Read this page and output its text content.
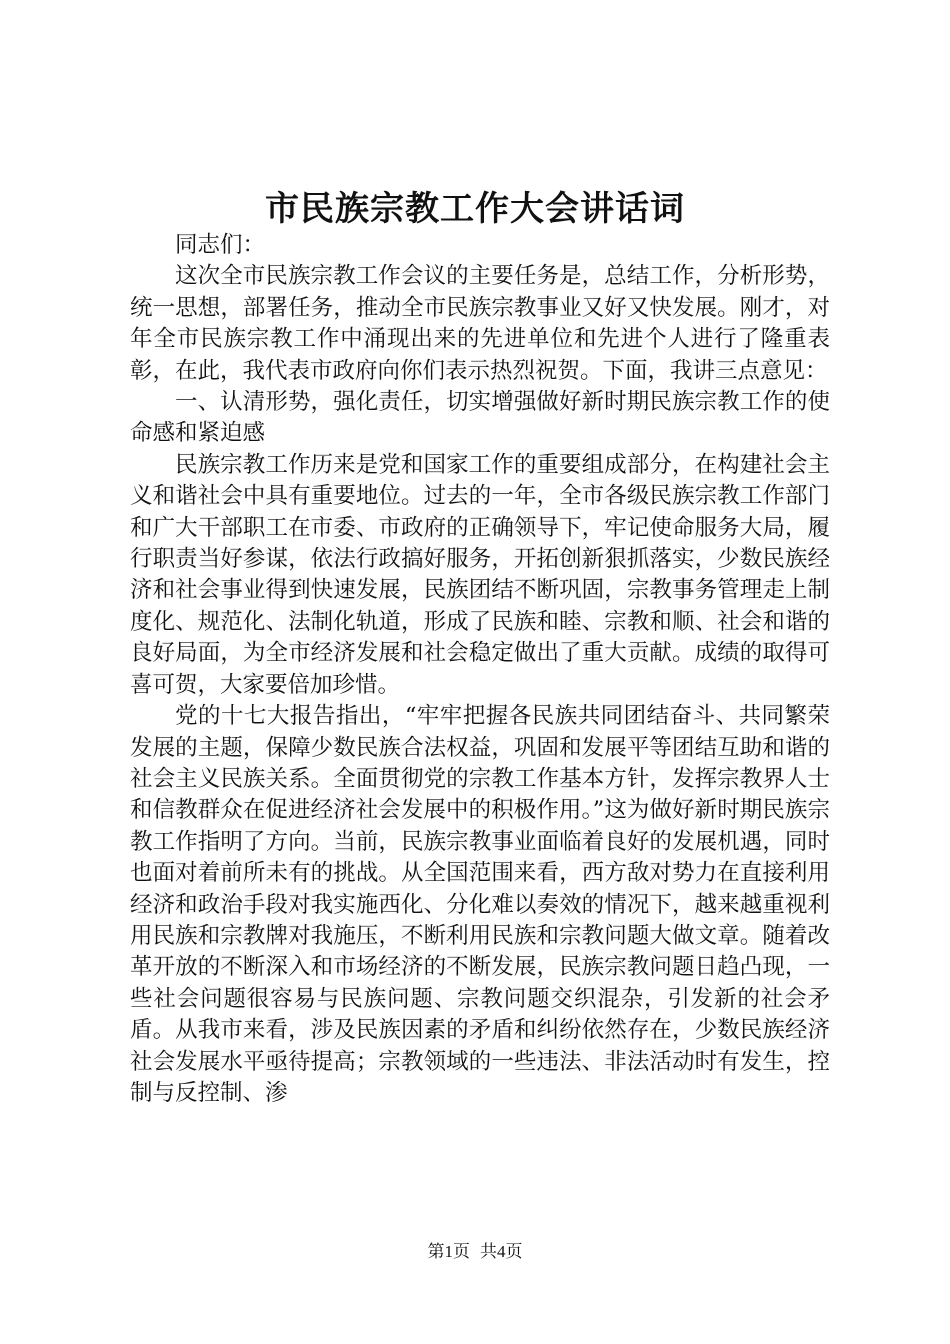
市民族宗教工作大会讲话词

同志们：

这次全市民族宗教工作会议的主要任务是，总结工作，分析形势，统一思想，部署任务，推动全市民族宗教事业又好又快发展。刚才，对年全市民族宗教工作中涌现出来的先进单位和先进个人进行了隆重表彰，在此，我代表市政府向你们表示热烈祝贺。下面，我讲三点意见：

一、认清形势，强化责任，切实增强做好新时期民族宗教工作的使命感和紧迫感

民族宗教工作历来是党和国家工作的重要组成部分，在构建社会主义和谐社会中具有重要地位。过去的一年，全市各级民族宗教工作部门和广大干部职工在市委、市政府的正确领导下，牢记使命服务大局，履行职责当好参谋，依法行政搞好服务，开拓创新狠抓落实，少数民族经济和社会事业得到快速发展，民族团结不断巩固，宗教事务管理走上制度化、规范化、法制化轨道，形成了民族和睦、宗教和顺、社会和谐的良好局面，为全市经济发展和社会稳定做出了重大贡献。成绩的取得可喜可贺，大家要倍加珍惜。

党的十七大报告指出，“牢牢把握各民族共同团结奋斗、共同繁荣发展的主题，保障少数民族合法权益，巩固和发展平等团结互助和谐的社会主义民族关系。全面贯彻党的宗教工作基本方针，发挥宗教界人士和信教群众在促进经济社会发展中的积极作用。”这为做好新时期民族宗教工作指明了方向。当前，民族宗教事业面临着良好的发展机遇，同时也面对着前所未有的挑战。从全国范围来看，西方敌对势力在直接利用经济和政治手段对我实施西化、分化难以奏效的情况下，越来越重视利用民族和宗教牌对我施压，不断利用民族和宗教问题大做文章。随着改革开放的不断深入和市场经济的不断发展，民族宗教问题日趋凸现，一些社会问题很容易与民族问题、宗教问题交织混杂，引发新的社会矛盾。从我市来看，涉及民族因素的矛盾和纠纷依然存在，少数民族经济社会发展水平亟待提高；宗教领域的一些违法、非法活动时有发生，控制与反控制、渗

第1页 共4页
